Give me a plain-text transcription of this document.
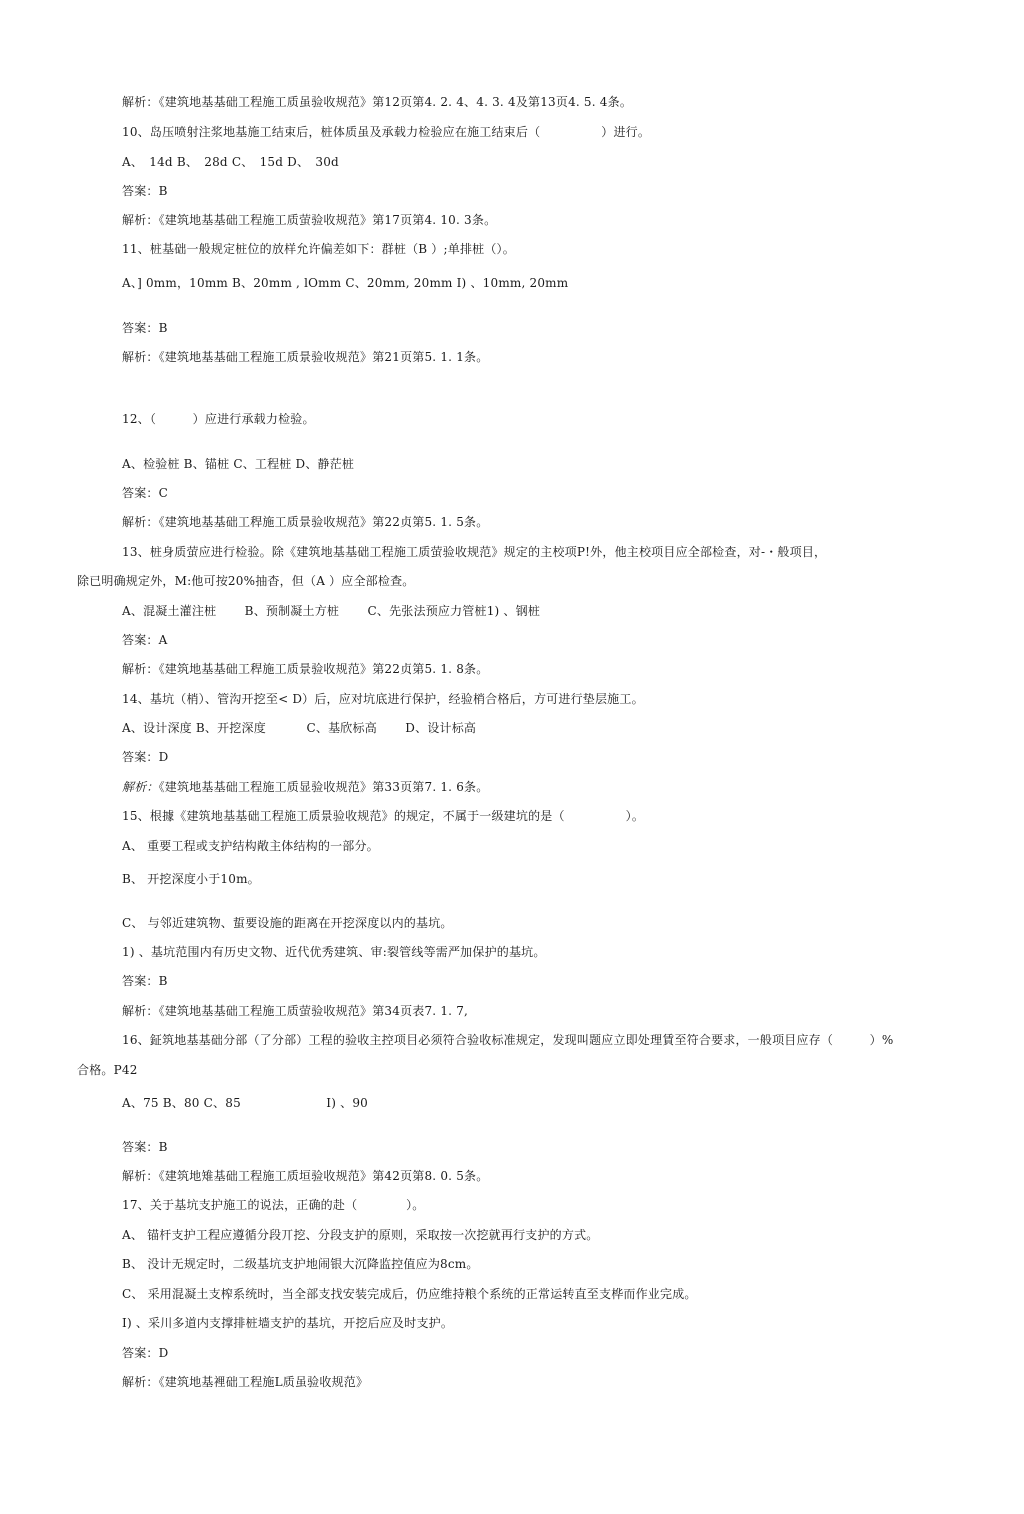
解析：《建筑地基基础工程施工质虽验收规范》第12页第4. 2. 4、4. 3. 4及第13页4. 5. 4条。
10、岛压喷射注浆地基施工结束后，桩体质虽及承载力检验应在施工结束后（　　　　　）进行。
A、　14d B、　28d C、　15d D、　30d
答案：B
解析：《建筑地基基础工程施工质萤验收规范》第17页第4. 10. 3条。
11、桩基础一般规定桩位的放样允许偏差如下：群桩（B ）;单排桩（）。
A、] 0mm，10mm B、20mm , lOmm C、20mm, 20mm I) 、10mm, 20mm
答案：B
解析：《建筑地基基础工程施工质景验收规范》第21页第5. 1. 1条。
12、（　　　）应进行承载力检验。
A、检验桩 B、锚桩 C、工程桩 D、静茫桩
答案：C
解析：《建筑地基基础工稈施工质景验收规范》第22贞第5. 1. 5条。
13、桩身质萤应进行检验。除《建筑地基基础工程施工质萤验收规范》规定的主校项P!外，他主校项目应全部检查，对-・般项目，
除已明确规定外，M:他可按20%抽杳，但（A ）应全部检查。
A、混凝土灌注桩　　 B、预制凝土方桩　　 C、先张法预应力管桩1) 、钢桩
答案：A
解析：《建筑地基基础工稈施工质景验收规范》第22贞第5. 1. 8条。
14、基坑（梢）、管沟开挖至< D）后，应对坑底进行保护，经验梢合格后，方可进行垫层施工。
A、设计深度 B、开挖深度　　　 C、基欣标高　　 D、设计标高
答案：D
解析：《建筑地基基础工程施工质显验收规范》第33页第7. 1. 6条。
15、根據《建筑地基基础工程施工质景验收规范》的规定，不属于一级建坑的是（　　　　　）。
A、 重要工程或支护结构敞主体结构的一部分。
B、 开挖深度小于10m。
C、 与邻近建筑物、蜇要设施的距离在开挖深度以内的基坑。
1) 、基坑范围内有历史文物、近代优秀建筑、审:裂管线等需严加保护的基坑。
答案：B
解析：《建筑地基基础工程施工质萤验收规范》第34页表7. 1. 7,
16、鉦筑地基基础分部（了分部）工程的验收主控项目必须符合验收标准规定，发现叫题应立即处理賃至符合要求，一般项目应存（　　　）%
合格。P42
A、75 B、80 C、85　　　　　　　I) 、90
答案：B
解析：《建筑地雉基础工程施工质垣验收规范》第42页第8. 0. 5条。
17、关于基坑支护施工的说法，正确的赴（　　　　）。
A、 锚杆支护工程应遵循分段丌挖、分段支护的原则，采取按一次挖就再行支护的方式。
B、 没计无规定时，二级基坑支护地闹银大沉降监控值应为8cm。
C、 采用混凝土支榨系统时，当全部支找安装完成后，仍应维持粮个系统的正常运转直至支桦而作业完成。
I) 、采川多道内支撑排桩墙支护的基坑，开挖后应及时支护。
答案：D
解析：《建筑地基裡础工程施L质虽验收规范》
